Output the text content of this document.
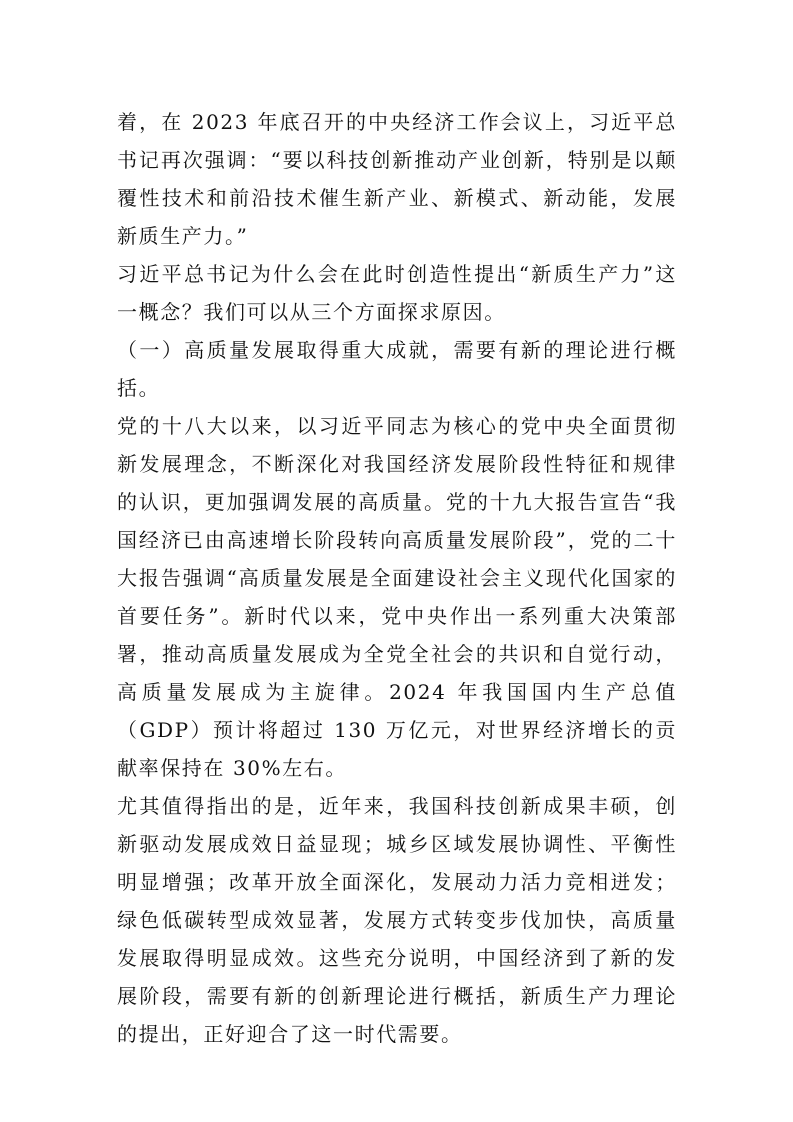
着，在 2023 年底召开的中央经济工作会议上，习近平总书记再次强调：“要以科技创新推动产业创新，特别是以颠覆性技术和前沿技术催生新产业、新模式、新动能，发展新质生产力。”

习近平总书记为什么会在此时创造性提出“新质生产力”这一概念？我们可以从三个方面探求原因。

（一）高质量发展取得重大成就，需要有新的理论进行概括。

党的十八大以来，以习近平同志为核心的党中央全面贯彻新发展理念，不断深化对我国经济发展阶段性特征和规律的认识，更加强调发展的高质量。党的十九大报告宣告“我国经济已由高速增长阶段转向高质量发展阶段”，党的二十大报告强调“高质量发展是全面建设社会主义现代化国家的首要任务”。新时代以来，党中央作出一系列重大决策部署，推动高质量发展成为全党全社会的共识和自觉行动，高质量发展成为主旋律。2024 年我国国内生产总值（GDP）预计将超过 130 万亿元，对世界经济增长的贡献率保持在 30%左右。

尤其值得指出的是，近年来，我国科技创新成果丰硕，创新驱动发展成效日益显现；城乡区域发展协调性、平衡性明显增强；改革开放全面深化，发展动力活力竞相迸发；绿色低碳转型成效显著，发展方式转变步伐加快，高质量发展取得明显成效。这些充分说明，中国经济到了新的发展阶段，需要有新的创新理论进行概括，新质生产力理论的提出，正好迎合了这一时代需要。
